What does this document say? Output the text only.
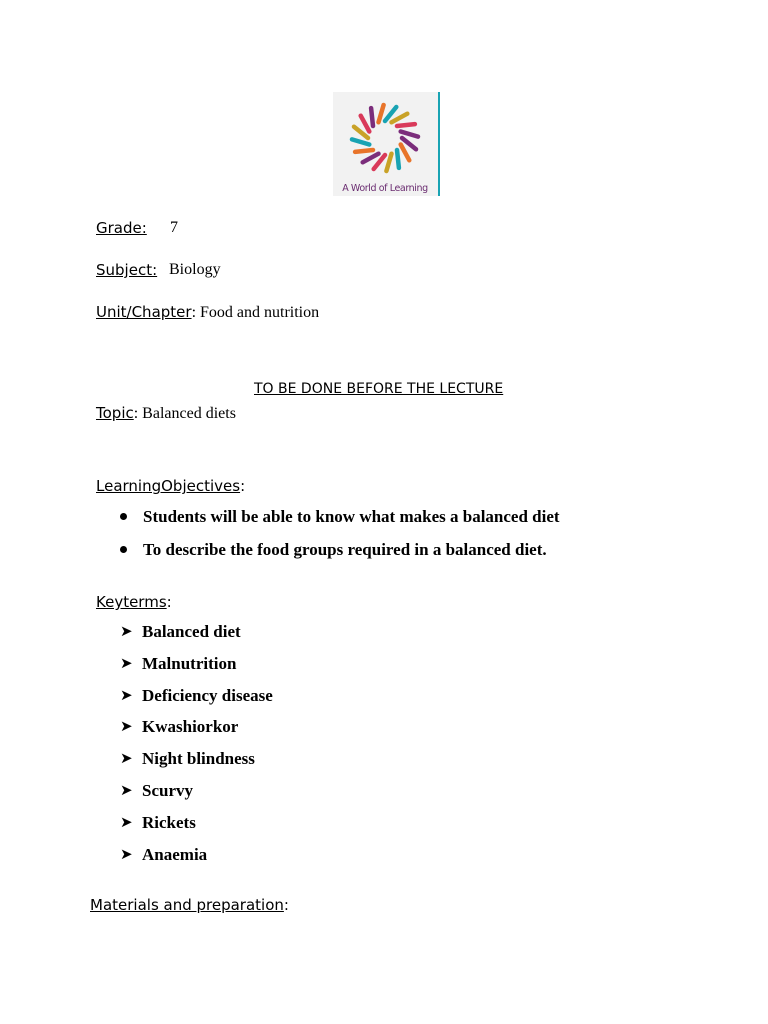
A World of Learning
Grade: 7
Subject: Biology
Unit/Chapter: Food and nutrition
TO BE DONE BEFORE THE LECTURE
Topic: Balanced diets
LearningObjectives:
Students will be able to know what makes a balanced diet
To describe the food groups required in a balanced diet.
Keyterms:
➤ Balanced diet
➤ Malnutrition
➤ Deficiency disease
➤ Kwashiorkor
➤ Night blindness
➤ Scurvy
➤ Rickets
➤ Anaemia
Materials and preparation:
